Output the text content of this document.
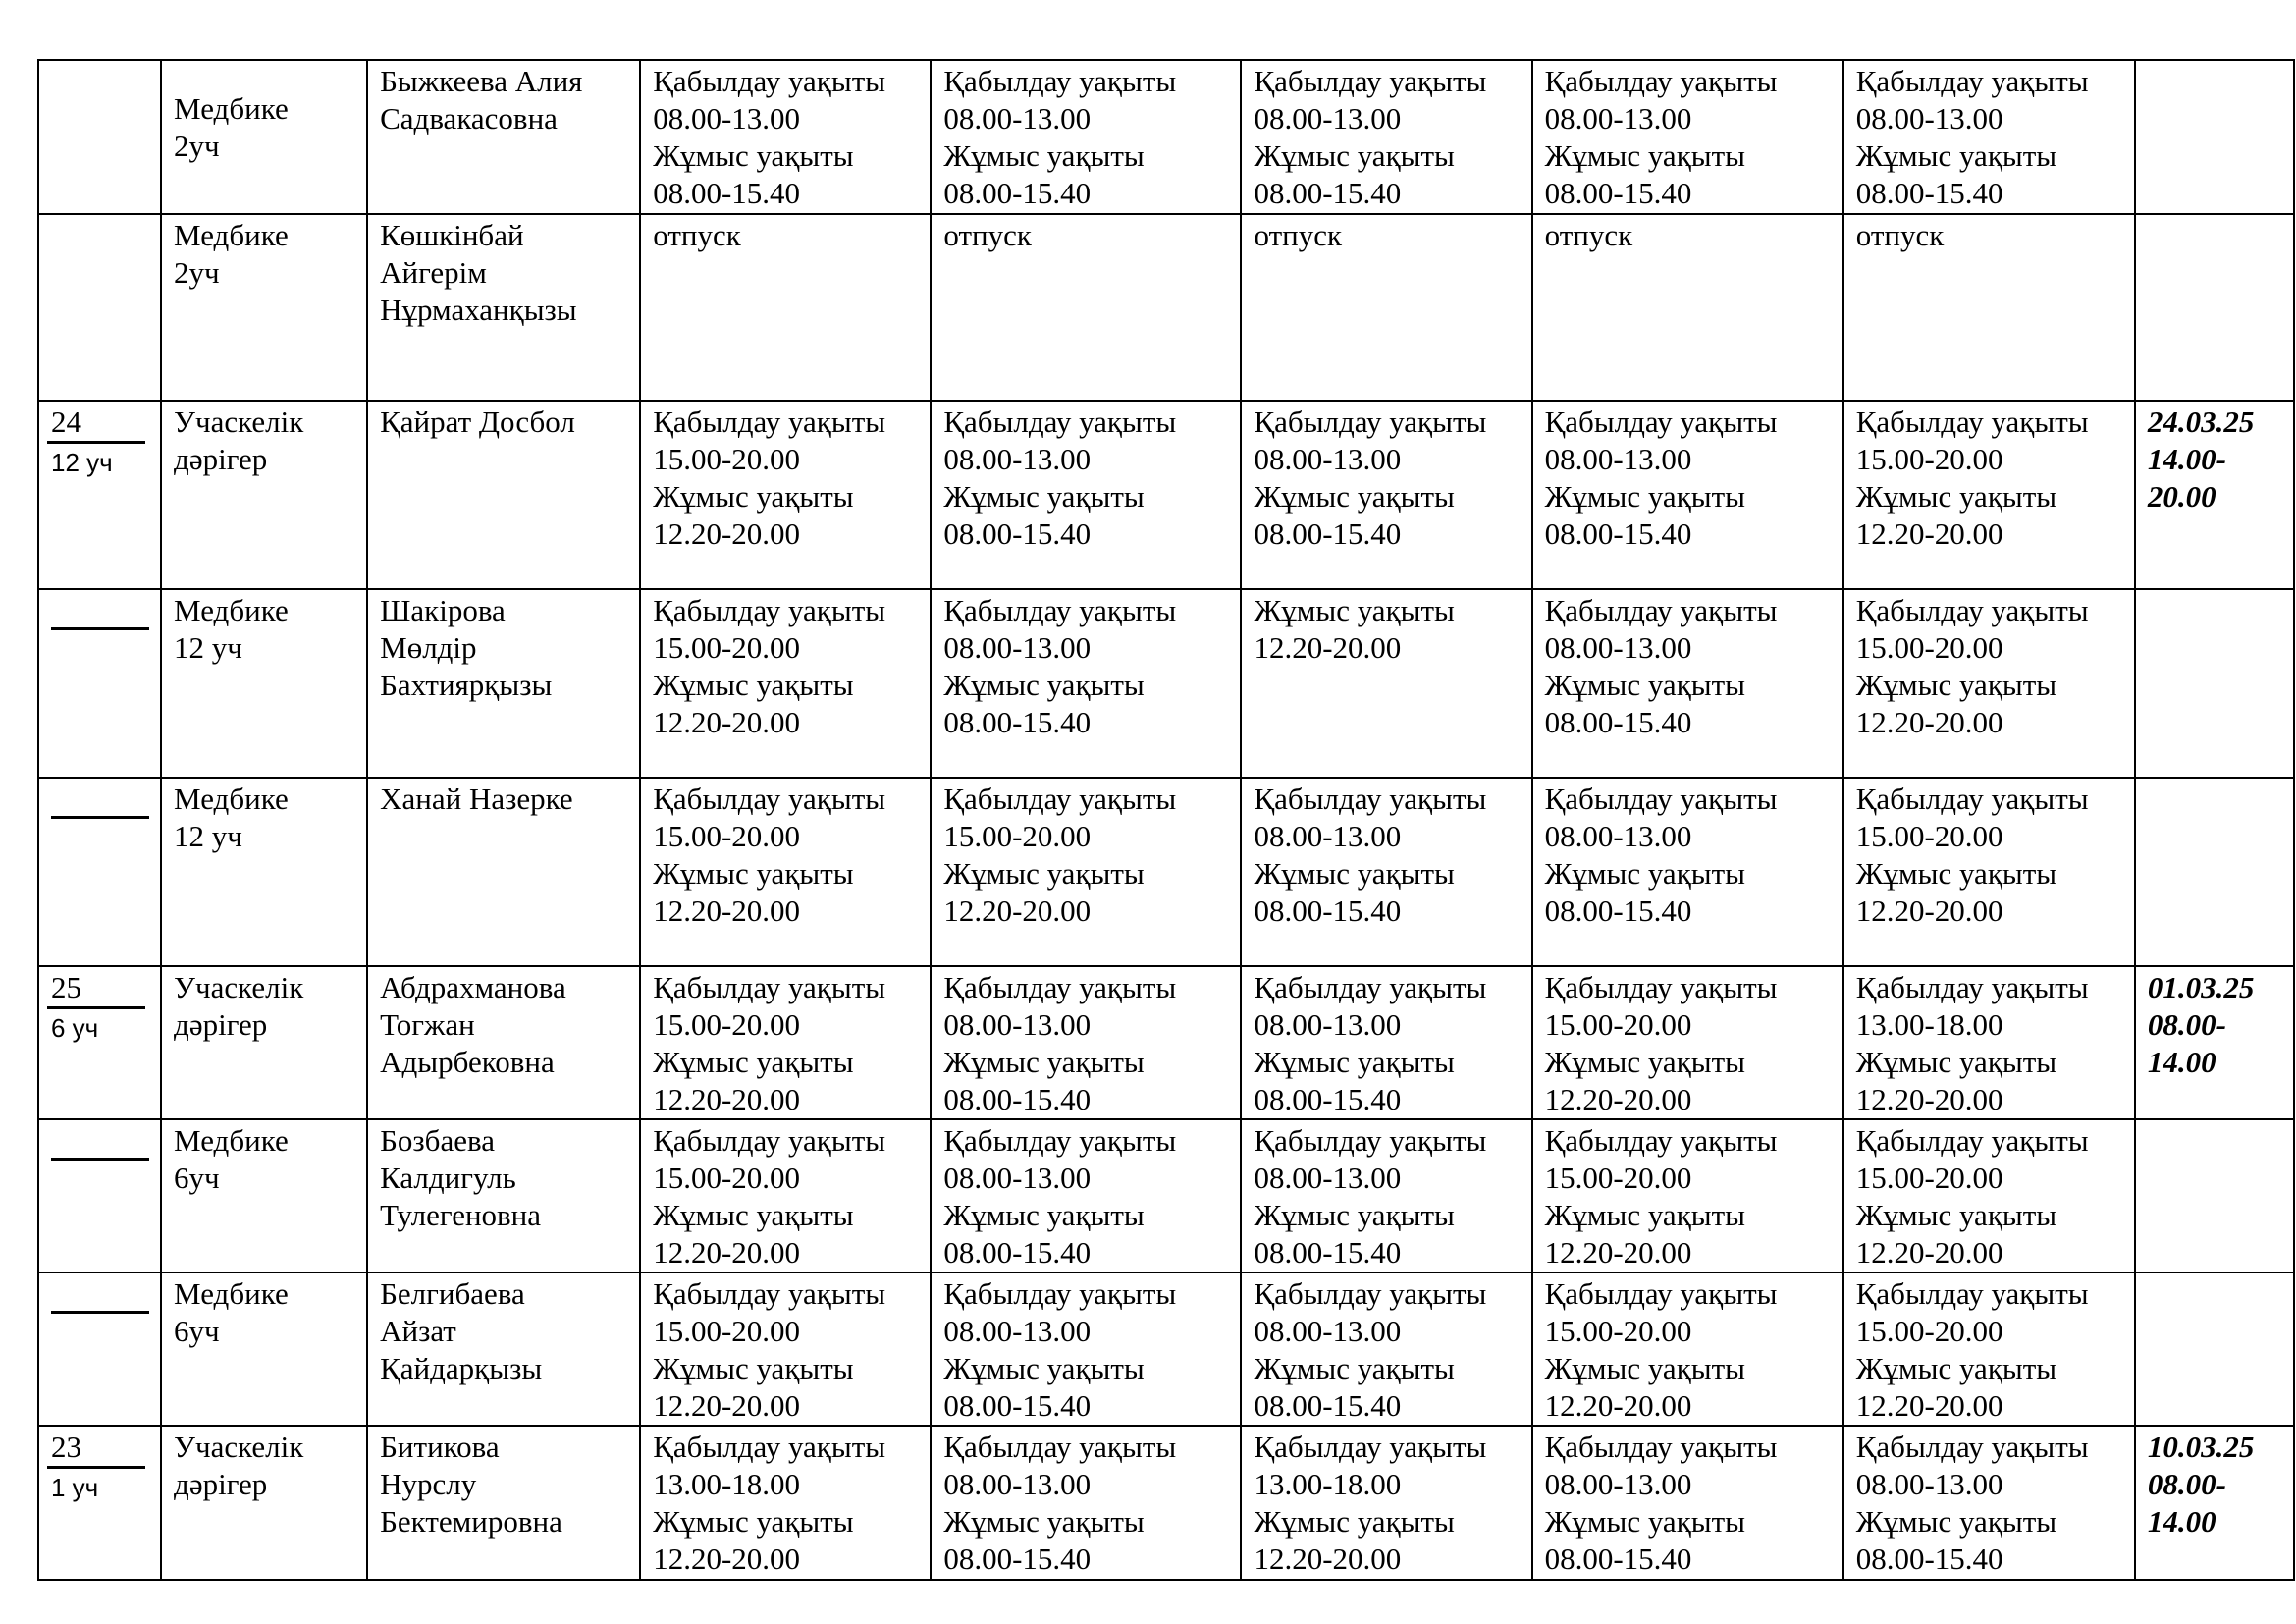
	Медбике
2уч	Быжкеева Алия
Садвакасовна	Қабылдау уақыты
08.00-13.00
Жұмыс уақыты
08.00-15.40	Қабылдау уақыты
08.00-13.00
Жұмыс уақыты
08.00-15.40	Қабылдау уақыты
08.00-13.00
Жұмыс уақыты
08.00-15.40	Қабылдау уақыты
08.00-13.00
Жұмыс уақыты
08.00-15.40	Қабылдау уақыты
08.00-13.00
Жұмыс уақыты
08.00-15.40	

	Медбике
2уч	Көшкінбай
Айгерім
Нұрмаханқызы	отпуск	отпуск	отпуск	отпуск	отпуск	

24
12 уч	Учаскелік
дәрігер	Қайрат Досбол	Қабылдау уақыты
15.00-20.00
Жұмыс уақыты
12.20-20.00	Қабылдау уақыты
08.00-13.00
Жұмыс уақыты
08.00-15.40	Қабылдау уақыты
08.00-13.00
Жұмыс уақыты
08.00-15.40	Қабылдау уақыты
08.00-13.00
Жұмыс уақыты
08.00-15.40	Қабылдау уақыты
15.00-20.00
Жұмыс уақыты
12.20-20.00	24.03.25
14.00-
20.00

	Медбике
12 уч	Шакірова
Мөлдір
Бахтиярқызы	Қабылдау уақыты
15.00-20.00
Жұмыс уақыты
12.20-20.00	Қабылдау уақыты
08.00-13.00
Жұмыс уақыты
08.00-15.40	Жұмыс уақыты
12.20-20.00	Қабылдау уақыты
08.00-13.00
Жұмыс уақыты
08.00-15.40	Қабылдау уақыты
15.00-20.00
Жұмыс уақыты
12.20-20.00	

	Медбике
12 уч	Ханай Назерке	Қабылдау уақыты
15.00-20.00
Жұмыс уақыты
12.20-20.00	Қабылдау уақыты
15.00-20.00
Жұмыс уақыты
12.20-20.00	Қабылдау уақыты
08.00-13.00
Жұмыс уақыты
08.00-15.40	Қабылдау уақыты
08.00-13.00
Жұмыс уақыты
08.00-15.40	Қабылдау уақыты
15.00-20.00
Жұмыс уақыты
12.20-20.00	

25
6 уч	Учаскелік
дәрігер	Абдрахманова
Тогжан
Адырбековна	Қабылдау уақыты
15.00-20.00
Жұмыс уақыты
12.20-20.00	Қабылдау уақыты
08.00-13.00
Жұмыс уақыты
08.00-15.40	Қабылдау уақыты
08.00-13.00
Жұмыс уақыты
08.00-15.40	Қабылдау уақыты
15.00-20.00
Жұмыс уақыты
12.20-20.00	Қабылдау уақыты
13.00-18.00
Жұмыс уақыты
12.20-20.00	01.03.25
08.00-
14.00

	Медбике
6уч	Бозбаева
Калдигуль
Тулегеновна	Қабылдау уақыты
15.00-20.00
Жұмыс уақыты
12.20-20.00	Қабылдау уақыты
08.00-13.00
Жұмыс уақыты
08.00-15.40	Қабылдау уақыты
08.00-13.00
Жұмыс уақыты
08.00-15.40	Қабылдау уақыты
15.00-20.00
Жұмыс уақыты
12.20-20.00	Қабылдау уақыты
15.00-20.00
Жұмыс уақыты
12.20-20.00	

	Медбике
6уч	Белгибаева
Айзат
Қайдарқызы	Қабылдау уақыты
15.00-20.00
Жұмыс уақыты
12.20-20.00	Қабылдау уақыты
08.00-13.00
Жұмыс уақыты
08.00-15.40	Қабылдау уақыты
08.00-13.00
Жұмыс уақыты
08.00-15.40	Қабылдау уақыты
15.00-20.00
Жұмыс уақыты
12.20-20.00	Қабылдау уақыты
15.00-20.00
Жұмыс уақыты
12.20-20.00	

23
1 уч	Учаскелік
дәрігер	Битикова
Нурслу
Бектемировна	Қабылдау уақыты
13.00-18.00
Жұмыс уақыты
12.20-20.00	Қабылдау уақыты
08.00-13.00
Жұмыс уақыты
08.00-15.40	Қабылдау уақыты
13.00-18.00
Жұмыс уақыты
12.20-20.00	Қабылдау уақыты
08.00-13.00
Жұмыс уақыты
08.00-15.40	Қабылдау уақыты
08.00-13.00
Жұмыс уақыты
08.00-15.40	10.03.25
08.00-
14.00
